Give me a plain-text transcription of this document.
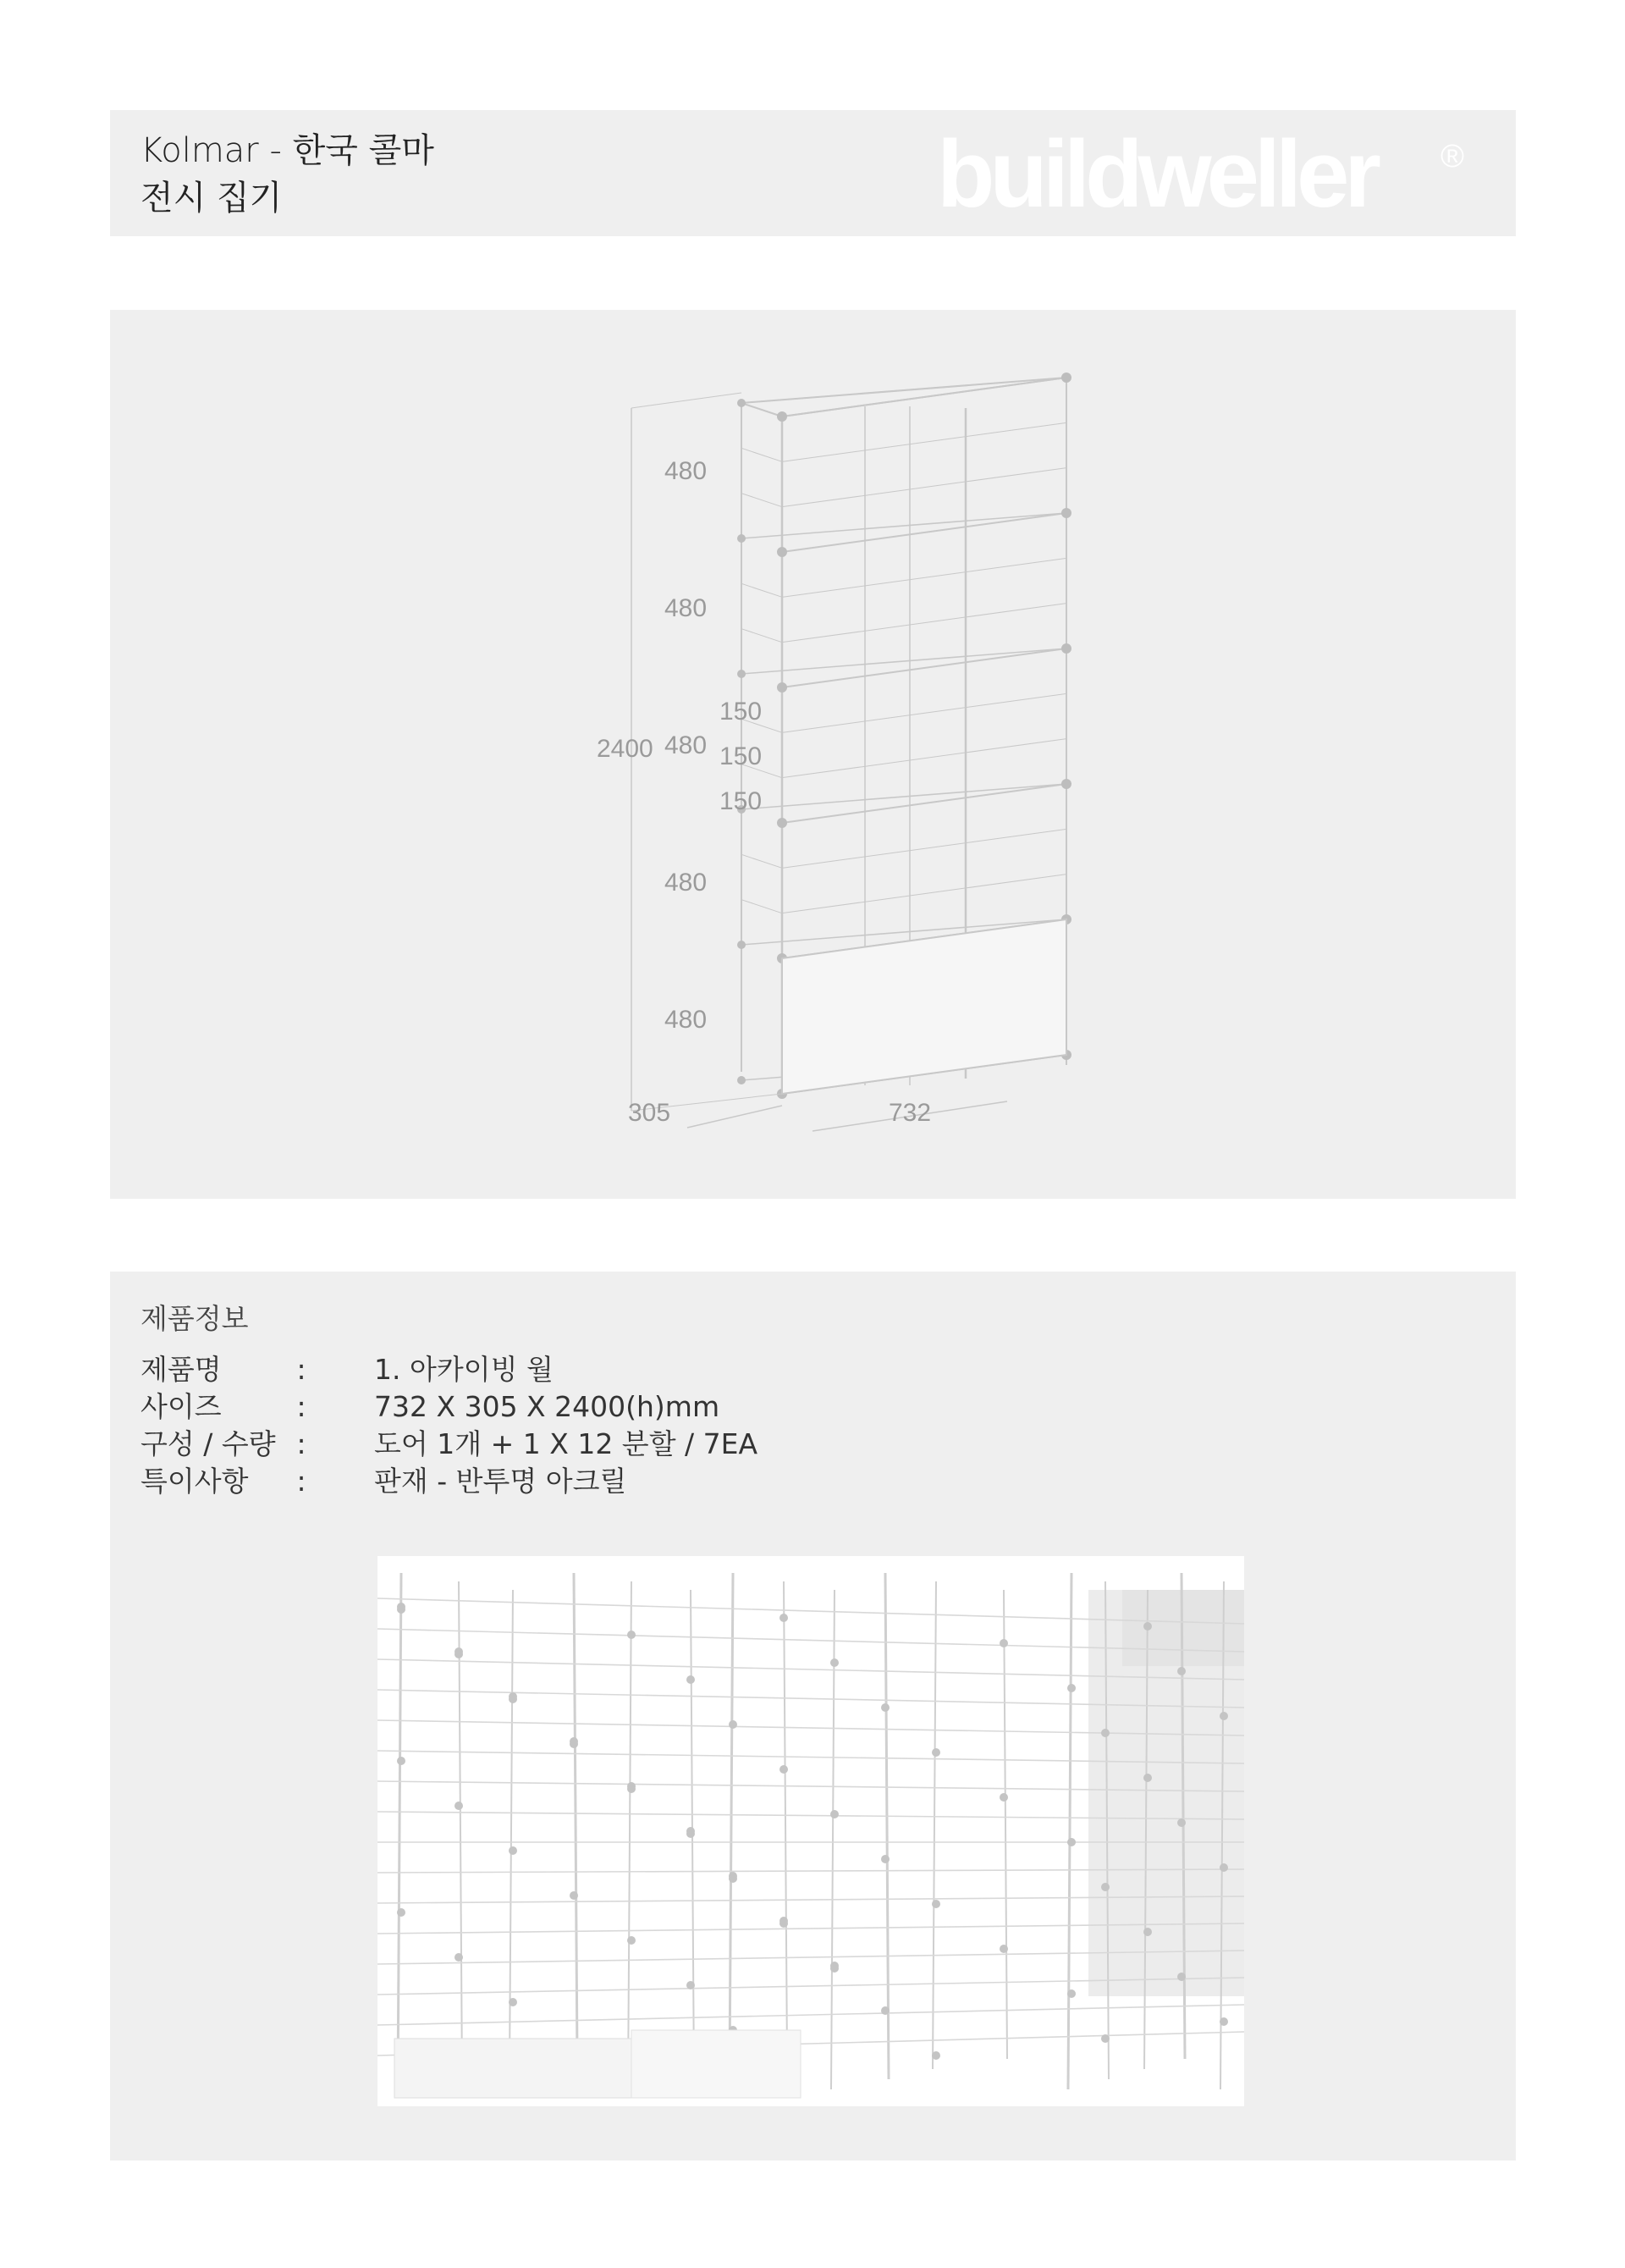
Kolmar - 한국 콜마
전시 집기	buildweller ®
2400
480
480
480
480
480
150
150
150
305	732
제품정보
제품명	: 1. 아카이빙 월
사이즈	: 732 X 305 X 2400(h)mm
구성 / 수량 : 도어 1개 + 1 X 12 분할 / 7EA
특이사항	: 판재 - 반투명 아크릴
